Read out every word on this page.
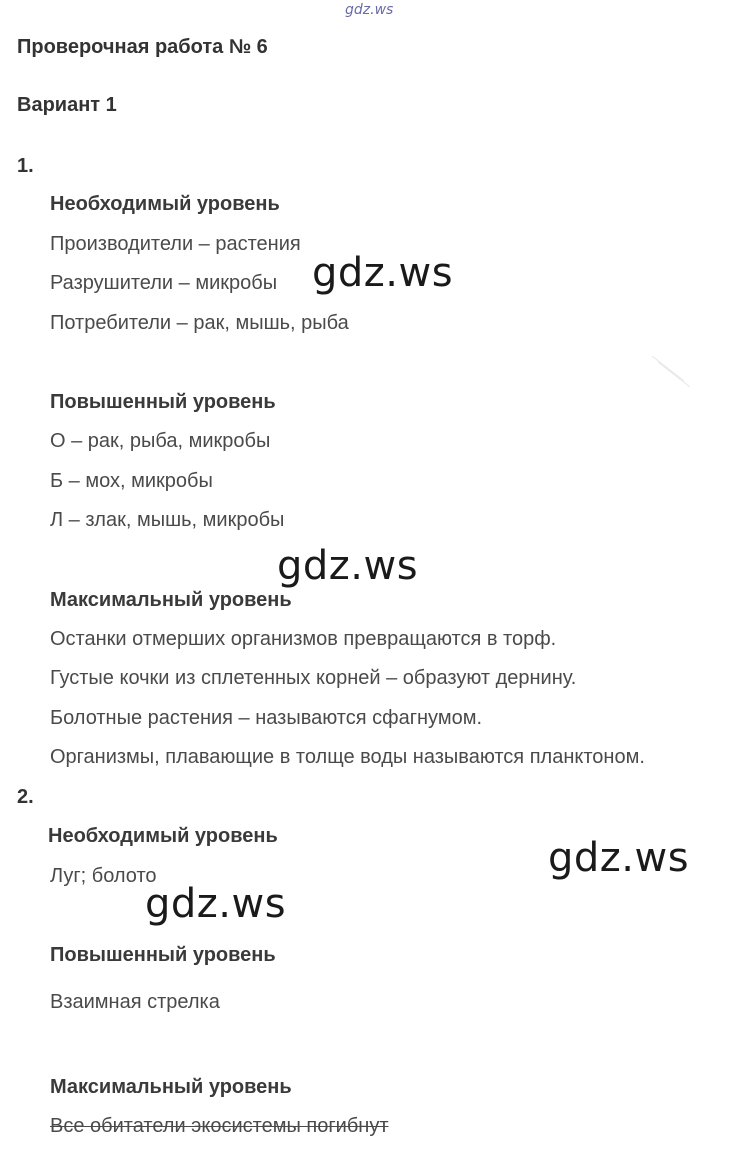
gdz.ws
Проверочная работа № 6
Вариант 1
1.
Необходимый уровень
Производители – растения
Разрушители – микробы
Потребители – рак, мышь, рыба
Повышенный уровень
О – рак, рыба, микробы
Б – мох, микробы
Л – злак, мышь, микробы
Максимальный уровень
Останки отмерших организмов превращаются в торф.
Густые кочки из сплетенных корней – образуют дернину.
Болотные растения – называются сфагнумом.
Организмы, плавающие в толще воды называются планктоном.
2.
Необходимый уровень
Луг; болото
Повышенный уровень
Взаимная стрелка
Максимальный уровень
Все обитатели экосистемы погибнут
gdz.ws
gdz.ws
gdz.ws
gdz.ws
